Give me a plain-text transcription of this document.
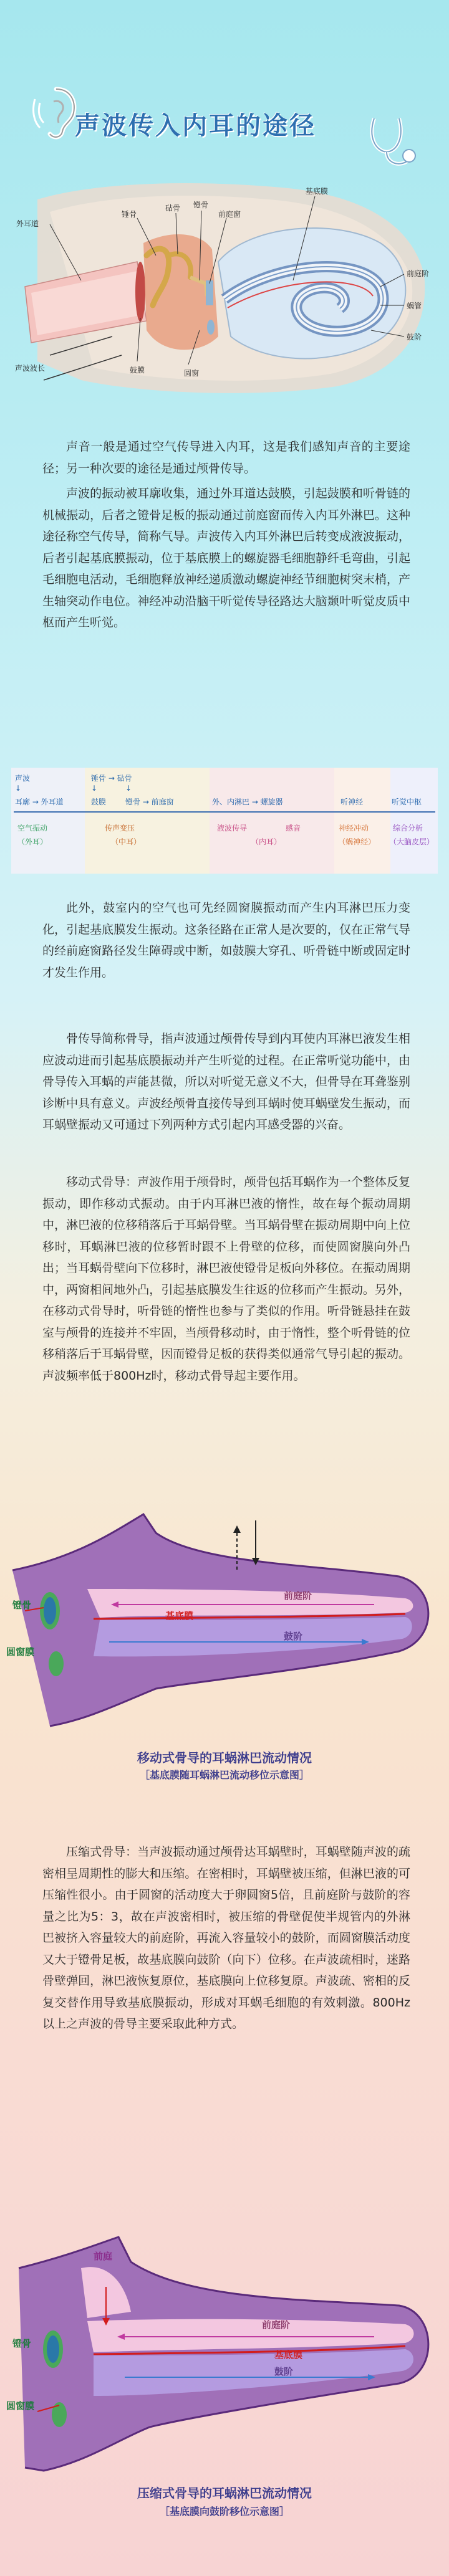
声波传入内耳的途径
外耳道
锤骨
砧骨 镫骨
前庭窗
基底膜
前庭阶
蜗管
鼓阶
声波波长	鼓膜	圆窗

声音一般是通过空气传导进入内耳，这是我们感知声音的主要途径；另一种次要的途径是通过颅骨传导。

声波的振动被耳廓收集，通过外耳道达鼓膜，引起鼓膜和听骨链的机械振动，后者之镫骨足板的振动通过前庭窗而传入内耳外淋巴。这种途径称空气传导，简称气导。声波传入内耳外淋巴后转变成液波振动，后者引起基底膜振动，位于基底膜上的螺旋器毛细胞静纤毛弯曲，引起毛细胞电活动，毛细胞释放神经递质激动螺旋神经节细胞树突末梢，产生轴突动作电位。神经冲动沿脑干听觉传导径路达大脑颞叶听觉皮质中枢而产生听觉。

声波	锤骨 → 砧骨
↓	↓	↓
耳廓 → 外耳道	鼓膜	镫骨 → 前庭窗	外、内淋巴 → 螺旋器	听神经	听觉中枢
空气振动	传声变压	液波传导	感音	神经冲动	综合分析
（外耳）	（中耳）	（内耳）	（蜗神经） （大脑皮层）

此外，鼓室内的空气也可先经圆窗膜振动而产生内耳淋巴压力变化，引起基底膜发生振动。这条径路在正常人是次要的，仅在正常气导的经前庭窗路径发生障碍或中断，如鼓膜大穿孔、听骨链中断或固定时才发生作用。

骨传导简称骨导，指声波通过颅骨传导到内耳使内耳淋巴液发生相应波动进而引起基底膜振动并产生听觉的过程。在正常听觉功能中，由骨导传入耳蜗的声能甚微，所以对听觉无意义不大，但骨导在耳聋鉴别诊断中具有意义。声波经颅骨直接传导到耳蜗时使耳蜗壁发生振动，而耳蜗壁振动又可通过下列两种方式引起内耳感受器的兴奋。

移动式骨导：声波作用于颅骨时，颅骨包括耳蜗作为一个整体反复振动，即作移动式振动。由于内耳淋巴液的惰性，故在每个振动周期中，淋巴液的位移稍落后于耳蜗骨壁。当耳蜗骨壁在振动周期中向上位移时，耳蜗淋巴液的位移暂时跟不上骨壁的位移，而使圆窗膜向外凸出；当耳蜗骨壁向下位移时，淋巴液使镫骨足板向外移位。在振动周期中，两窗相间地外凸，引起基底膜发生往返的位移而产生振动。另外，在移动式骨导时，听骨链的惰性也参与了类似的作用。听骨链悬挂在鼓室与颅骨的连接并不牢固，当颅骨移动时，由于惰性，整个听骨链的位移稍落后于耳蜗骨壁，因而镫骨足板的获得类似通常气导引起的振动。声波频率低于800Hz时，移动式骨导起主要作用。

镫骨
圆窗膜
基底膜
前庭阶
鼓阶
移动式骨导的耳蜗淋巴流动情况
［基底膜随耳蜗淋巴流动移位示意图］

压缩式骨导：当声波振动通过颅骨达耳蜗壁时，耳蜗壁随声波的疏密相呈周期性的膨大和压缩。在密相时，耳蜗壁被压缩，但淋巴液的可压缩性很小。由于圆窗的活动度大于卵圆窗5倍，且前庭阶与鼓阶的容量之比为5：3，故在声波密相时，被压缩的骨壁促使半规管内的外淋巴被挤入容量较大的前庭阶，再流入容量较小的鼓阶，而圆窗膜活动度又大于镫骨足板，故基底膜向鼓阶（向下）位移。在声波疏相时，迷路骨壁弹回，淋巴液恢复原位，基底膜向上位移复原。声波疏、密相的反复交替作用导致基底膜振动，形成对耳蜗毛细胞的有效刺激。800Hz以上之声波的骨导主要采取此种方式。

前庭
镫骨
圆窗膜
前庭阶
基底膜
鼓阶
压缩式骨导的耳蜗淋巴流动情况
［基底膜向鼓阶移位示意图］
